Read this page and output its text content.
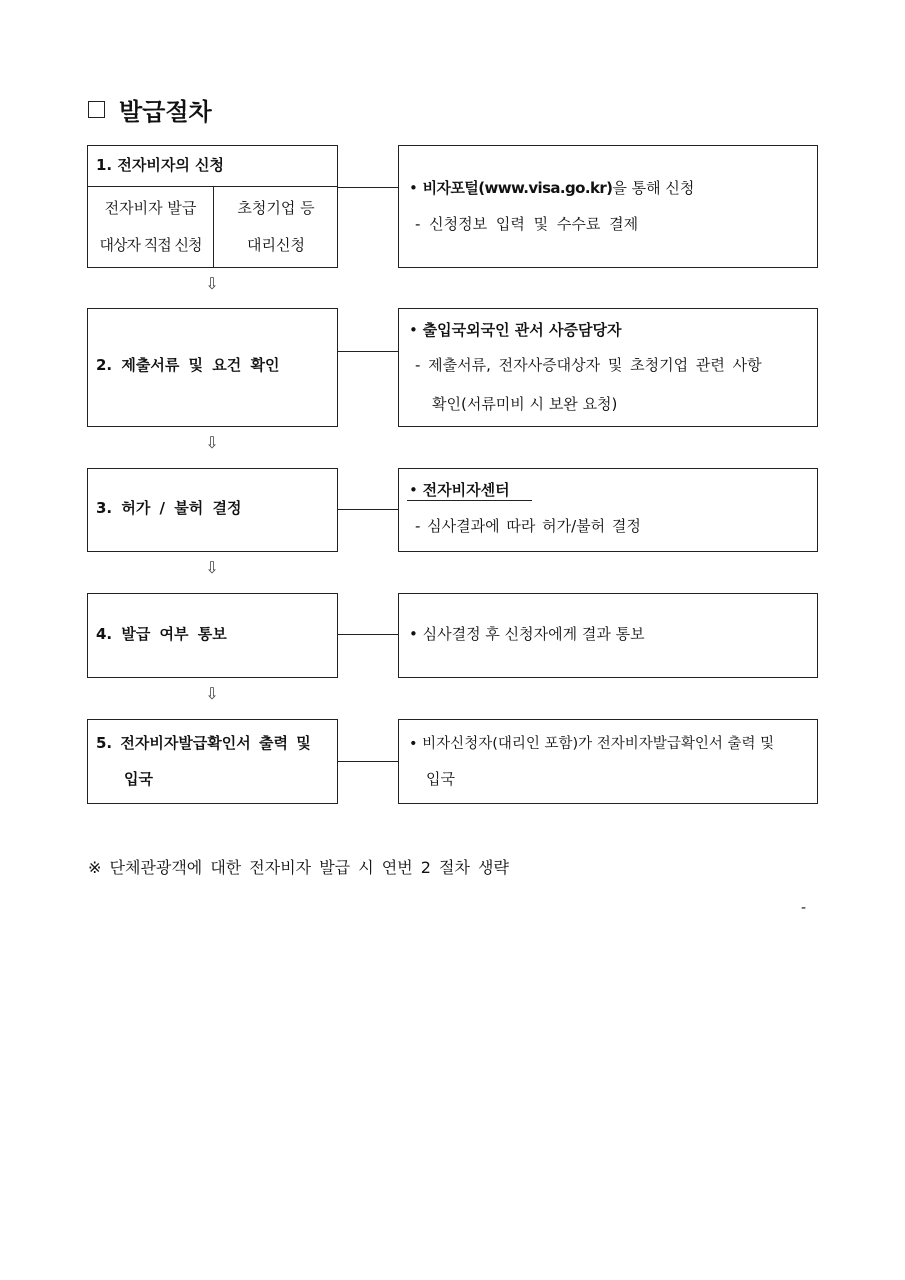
발급절차
1. 전자비자의 신청
전자비자 발급
대상자 직접 신청
초청기업 등
대리신청
• 비자포털(www.visa.go.kr)을 통해 신청
- 신청정보 입력 및 수수료 결제
⇩
2. 제출서류 및 요건 확인
• 출입국외국인 관서 사증담당자
- 제출서류, 전자사증대상자 및 초청기업 관련 사항
확인(서류미비 시 보완 요청)
⇩
3. 허가 / 불허 결정
• 전자비자센터
- 심사결과에 따라 허가/불허 결정
⇩
4. 발급 여부 통보	• 심사결정 후 신청자에게 결과 통보
⇩
5. 전자비자발급확인서 출력 및
입국
• 비자신청자(대리인 포함)가 전자비자발급확인서 출력 및
입국
※ 단체관광객에 대한 전자비자 발급 시 연번 2 절차 생략
-
